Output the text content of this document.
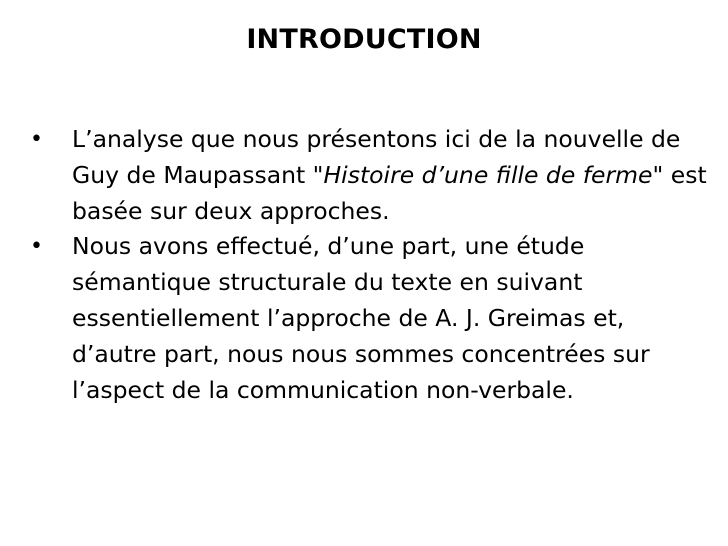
INTRODUCTION
• L’analyse que nous présentons ici de la nouvelle de Guy de Maupassant "Histoire d’une fille de ferme" est basée sur deux approches.
• Nous avons effectué, d’une part, une étude sémantique structurale du texte en suivant essentiellement l’approche de A. J. Greimas et, d’autre part, nous nous sommes concentrées sur l’aspect de la communication non-verbale.
